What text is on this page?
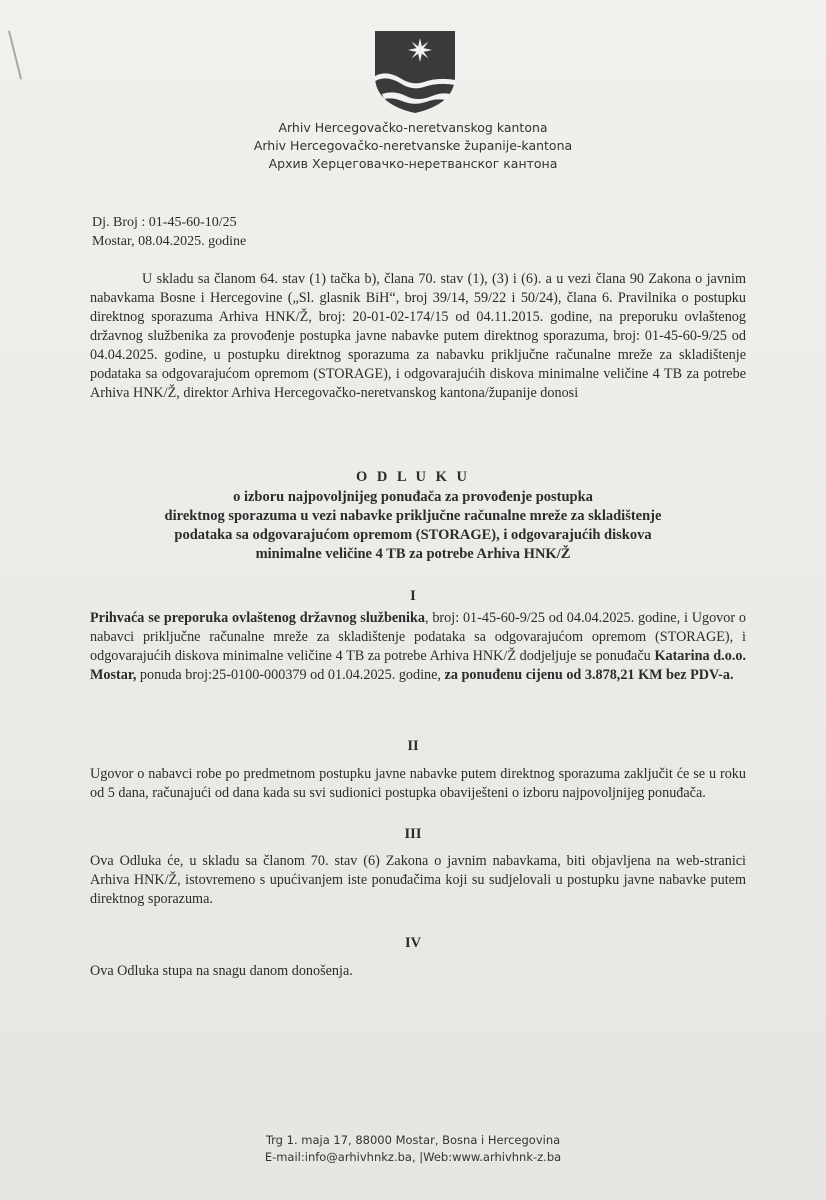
Arhiv Hercegovačko-neretvanskog kantona
Arhiv Hercegovačko-neretvanske županije-kantona
Архив Херцеговачко-неретванског кантона
Dj. Broj : 01-45-60-10/25
Mostar, 08.04.2025. godine
U skladu sa članom 64. stav (1) tačka b), člana 70. stav (1), (3) i (6). a u vezi člana 90 Zakona o javnim nabavkama Bosne i Hercegovine („Sl. glasnik BiH“, broj 39/14, 59/22 i 50/24), člana 6. Pravilnika o postupku direktnog sporazuma Arhiva HNK/Ž, broj: 20-01-02-174/15 od 04.11.2015. godine, na preporuku ovlaštenog državnog službenika za provođenje postupka javne nabavke putem direktnog sporazuma, broj: 01-45-60-9/25 od 04.04.2025. godine, u postupku direktnog sporazuma za nabavku priključne računalne mreže za skladištenje podataka sa odgovarajućom opremom (STORAGE), i odgovarajućih diskova minimalne veličine 4 TB za potrebe Arhiva HNK/Ž, direktor Arhiva Hercegovačko-neretvanskog kantona/županije donosi
O D L U K U
o izboru najpovoljnijeg ponuđača za provođenje postupka
direktnog sporazuma u vezi nabavke priključne računalne mreže za skladištenje
podataka sa odgovarajućom opremom (STORAGE), i odgovarajućih diskova
minimalne veličine 4 TB za potrebe Arhiva HNK/Ž
I
Prihvaća se preporuka ovlaštenog državnog službenika, broj: 01-45-60-9/25 od 04.04.2025. godine, i Ugovor o nabavci priključne računalne mreže za skladištenje podataka sa odgovarajućom opremom (STORAGE), i odgovarajućih diskova minimalne veličine 4 TB za potrebe Arhiva HNK/Ž dodjeljuje se ponuđaču Katarina d.o.o. Mostar, ponuda broj:25-0100-000379 od 01.04.2025. godine, za ponuđenu cijenu od 3.878,21 KM bez PDV-a.
II
Ugovor o nabavci robe po predmetnom postupku javne nabavke putem direktnog sporazuma zaključit će se u roku od 5 dana, računajući od dana kada su svi sudionici postupka obaviješteni o izboru najpovoljnijeg ponuđača.
III
Ova Odluka će, u skladu sa članom 70. stav (6) Zakona o javnim nabavkama, biti objavljena na web-stranici Arhiva HNK/Ž, istovremeno s upućivanjem iste ponuđačima koji su sudjelovali u postupku javne nabavke putem direktnog sporazuma.
IV
Ova Odluka stupa na snagu danom donošenja.
Trg 1. maja 17, 88000 Mostar, Bosna i Hercegovina
E-mail:info@arhivhnkz.ba, |Web:www.arhivhnk-z.ba
